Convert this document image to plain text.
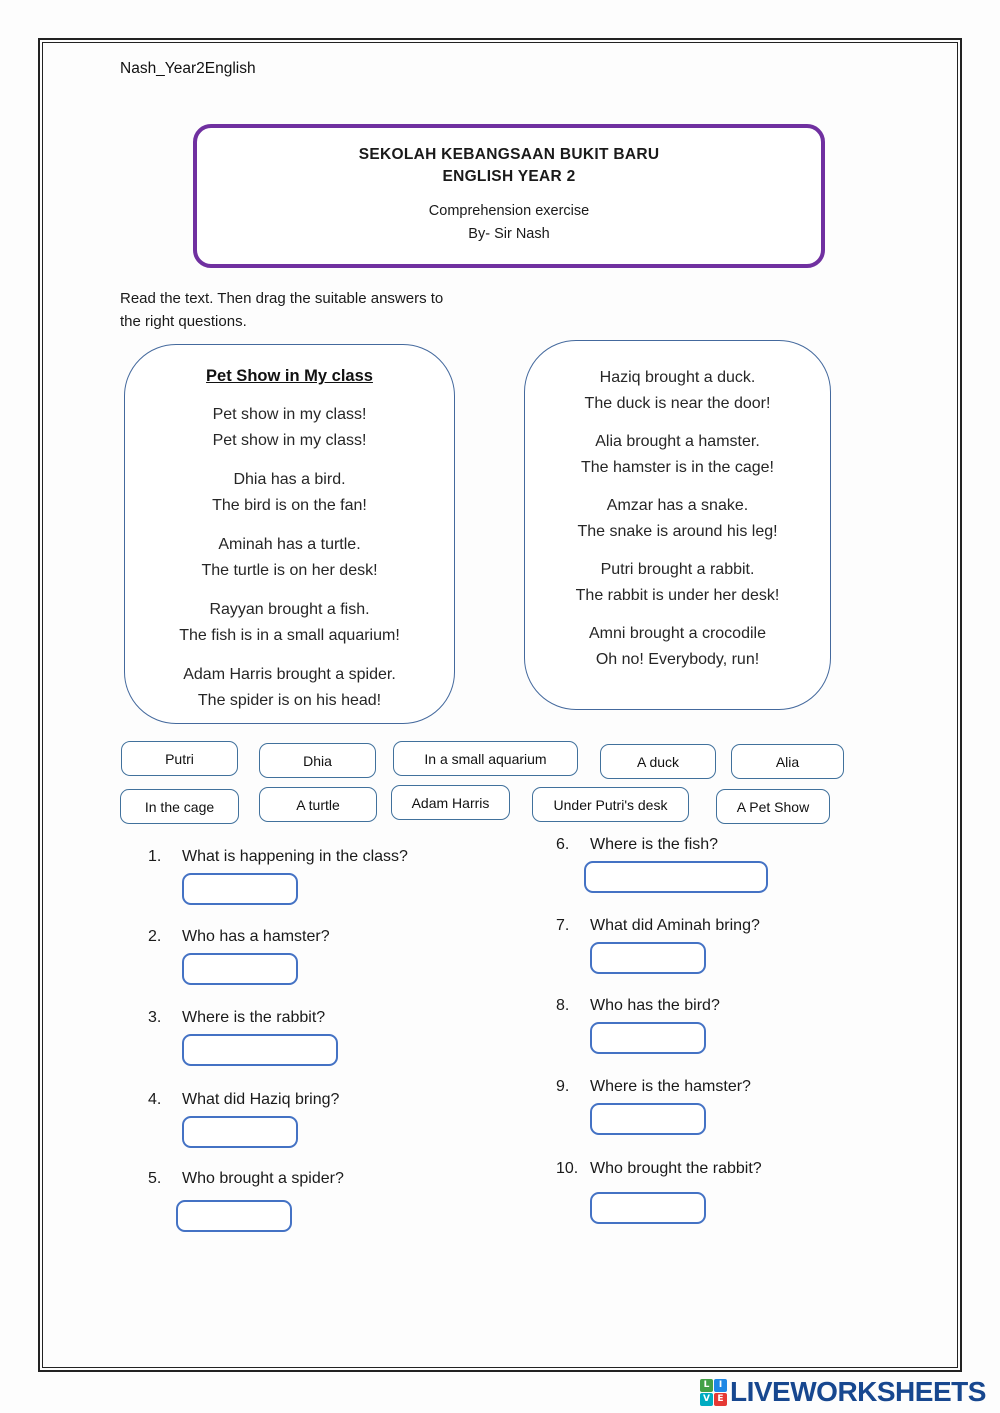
Nash_Year2English
SEKOLAH KEBANGSAAN BUKIT BARU
ENGLISH YEAR 2
Comprehension exercise
By- Sir Nash
Read the text. Then drag the suitable answers to
the right questions.
Pet Show in My class
Pet show in my class!
Pet show in my class!
Dhia has a bird.
The bird is on the fan!
Aminah has a turtle.
The turtle is on her desk!
Rayyan brought a fish.
The fish is in a small aquarium!
Adam Harris brought a spider.
The spider is on his head!
Haziq brought a duck.
The duck is near the door!
Alia brought a hamster.
The hamster is in the cage!
Amzar has a snake.
The snake is around his leg!
Putri brought a rabbit.
The rabbit is under her desk!
Amni brought a crocodile
Oh no! Everybody, run!
Putri	Dhia	In a small aquarium	A duck	Alia
In the cage	A turtle	Adam Harris	Under Putri's desk	A Pet Show
1.	What is happening in the class?
2.	Who has a hamster?
3.	Where is the rabbit?
4.	What did Haziq bring?
5.	Who brought a spider?
6.	Where is the fish?
7.	What did Aminah bring?
8.	Who has the bird?
9.	Where is the hamster?
10. Who brought the rabbit?
L	I
V E LIVEWORKSHEETS
